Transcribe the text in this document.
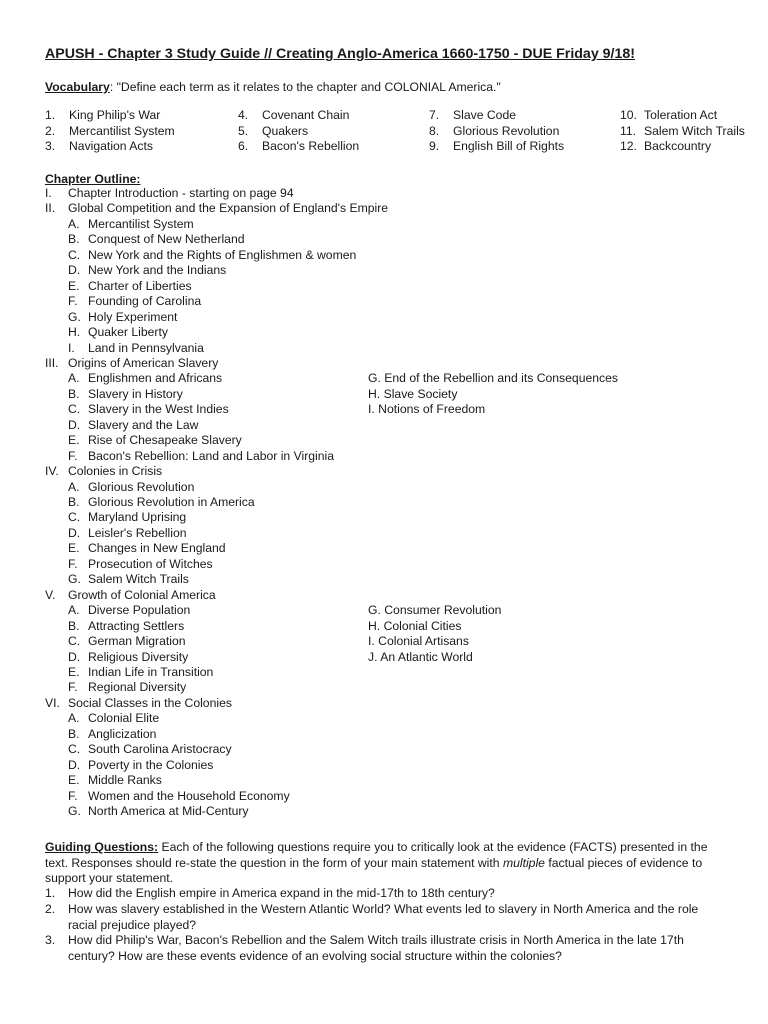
APUSH - Chapter 3 Study Guide // Creating Anglo-America 1660-1750 - DUE Friday 9/18!
Vocabulary: "Define each term as it relates to the chapter and COLONIAL America."
1. King Philip's War
2. Mercantilist System
3. Navigation Acts
4. Covenant Chain
5. Quakers
6. Bacon's Rebellion
7. Slave Code
8. Glorious Revolution
9. English Bill of Rights
10. Toleration Act
11. Salem Witch Trails
12. Backcountry
Chapter Outline:
I. Chapter Introduction - starting on page 94
II. Global Competition and the Expansion of England's Empire
A. Mercantilist System
B. Conquest of New Netherland
C. New York and the Rights of Englishmen & women
D. New York and the Indians
E. Charter of Liberties
F. Founding of Carolina
G. Holy Experiment
H. Quaker Liberty
I. Land in Pennsylvania
III. Origins of American Slavery
A. Englishmen and Africans
B. Slavery in History
C. Slavery in the West Indies
D. Slavery and the Law
E. Rise of Chesapeake Slavery
F. Bacon's Rebellion: Land and Labor in Virginia
G. End of the Rebellion and its Consequences
H. Slave Society
I. Notions of Freedom
IV. Colonies in Crisis
A. Glorious Revolution
B. Glorious Revolution in America
C. Maryland Uprising
D. Leisler's Rebellion
E. Changes in New England
F. Prosecution of Witches
G. Salem Witch Trails
V. Growth of Colonial America
A. Diverse Population
B. Attracting Settlers
C. German Migration
D. Religious Diversity
E. Indian Life in Transition
F. Regional Diversity
G. Consumer Revolution
H. Colonial Cities
I. Colonial Artisans
J. An Atlantic World
VI. Social Classes in the Colonies
A. Colonial Elite
B. Anglicization
C. South Carolina Aristocracy
D. Poverty in the Colonies
E. Middle Ranks
F. Women and the Household Economy
G. North America at Mid-Century
Guiding Questions: Each of the following questions require you to critically look at the evidence (FACTS) presented in the text. Responses should re-state the question in the form of your main statement with multiple factual pieces of evidence to support your statement.
1.	How did the English empire in America expand in the mid-17th to 18th century?
2.	How was slavery established in the Western Atlantic World? What events led to slavery in North America and the role racial prejudice played?
3.	How did Philip's War, Bacon's Rebellion and the Salem Witch trails illustrate crisis in North America in the late 17th century? How are these events evidence of an evolving social structure within the colonies?
